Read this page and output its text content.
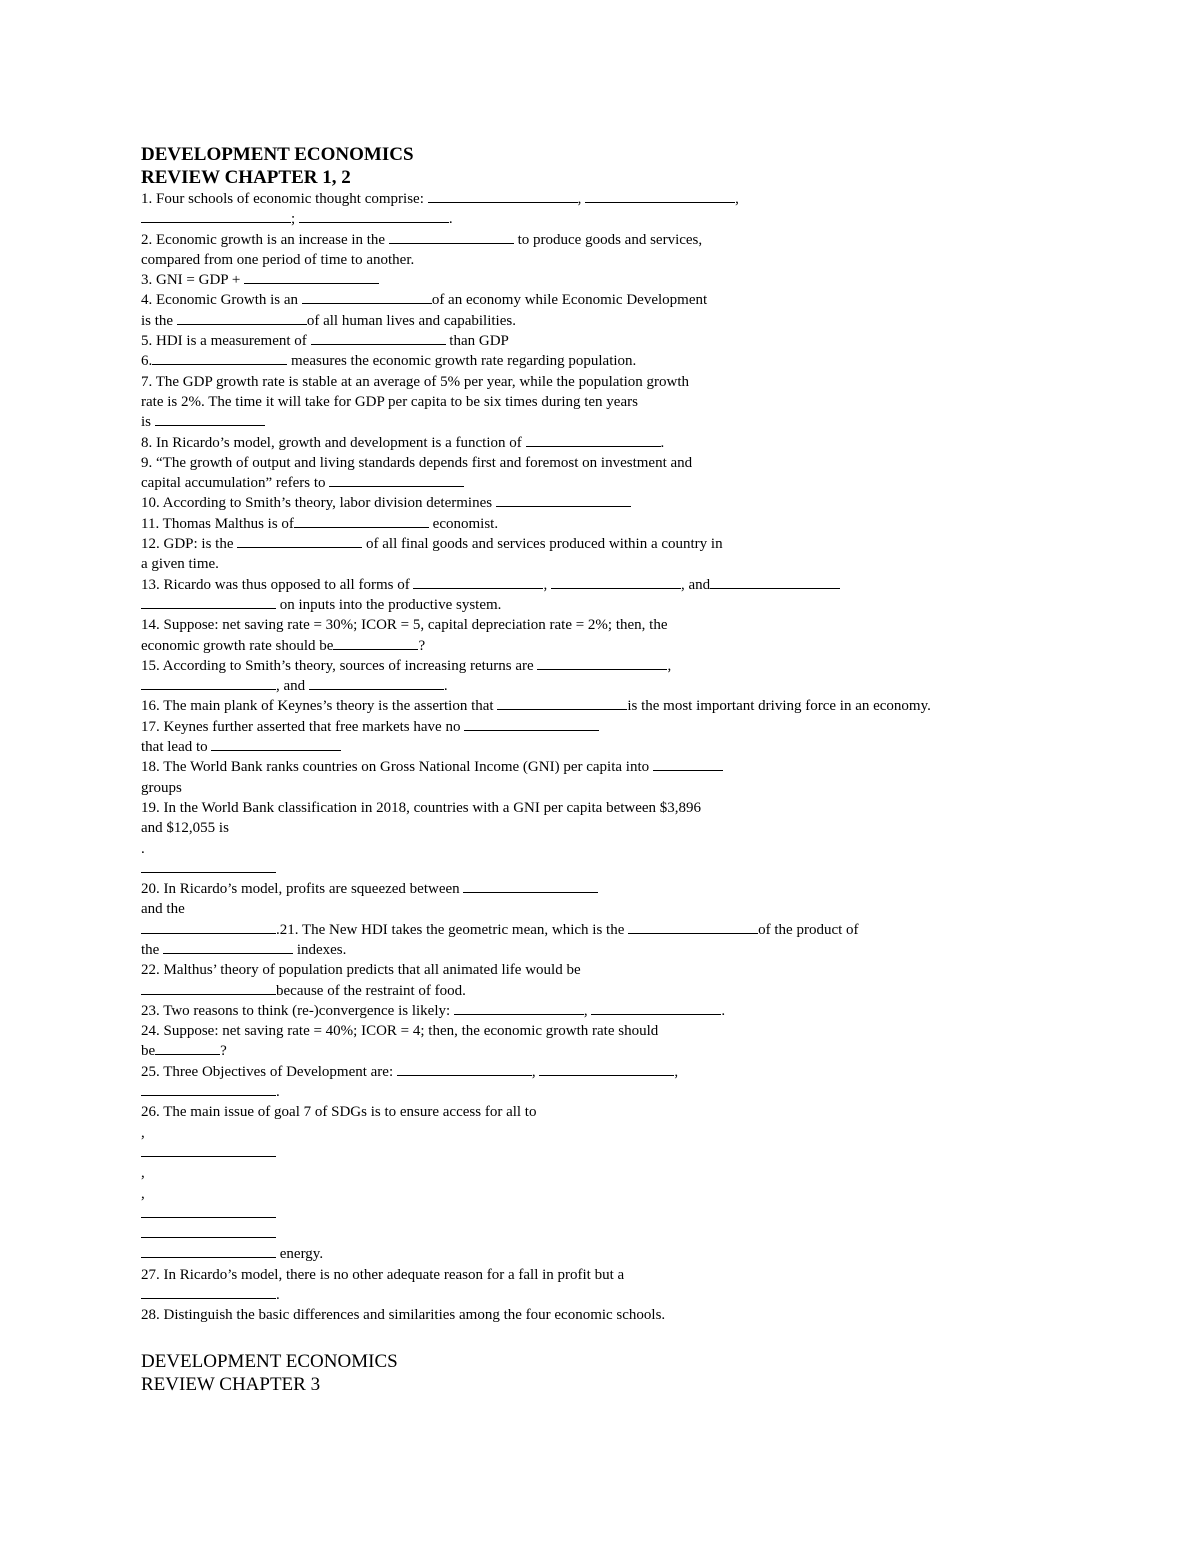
DEVELOPMENT ECONOMICS

REVIEW CHAPTER 1, 2

1. Four schools of economic thought comprise:	,	,

;	.

2. Economic growth is an increase in the	to produce goods and services,

compared from one period of time to another.

3. GNI = GDP +

4. Economic Growth is an	of an economy while Economic Development

is the	of all human lives and capabilities.

5. HDI is a measurement of	than GDP

6.	measures the economic growth rate regarding population.

7. The GDP growth rate is stable at an average of 5% per year, while the population growth

rate is 2%. The time it will take for GDP per capita to be six times during ten years

is

8. In Ricardo’s model, growth and development is a function of	.

9. “The growth of output and living standards depends first and foremost on investment and

capital accumulation” refers to

10. According to Smith’s theory, labor division determines

11. Thomas Malthus is of	economist.

12. GDP: is the	of all final goods and services produced within a country in

a given time.

13. Ricardo was thus opposed to all forms of	,	, and

on inputs into the productive system.

14. Suppose: net saving rate = 30%; ICOR = 5, capital depreciation rate = 2%; then, the

economic growth rate should be	?

15. According to Smith’s theory, sources of increasing returns are	,

, and	.

16. The main plank of Keynes’s theory is the assertion that	is the most important driving force in an economy.

17. Keynes further asserted that free markets have no

that lead to

18. The World Bank ranks countries on Gross National Income (GNI) per capita into

groups

19. In the World Bank classification in 2018, countries with a GNI per capita between $3,896

and $12,055 is

.

20. In Ricardo’s model, profits are squeezed between

and the

.21. The New HDI takes the geometric mean, which is the	of the product of

the	indexes.

22. Malthus’ theory of population predicts that all animated life would be

because of the restraint of food.

23. Two reasons to think (re-)convergence is likely:	,	.

24. Suppose: net saving rate = 40%; ICOR = 4; then, the economic growth rate should

be	?

25. Three Objectives of Development are:	,	,

.

26. The main issue of goal 7 of SDGs is to ensure access for all to

,

,

,

energy.

27. In Ricardo’s model, there is no other adequate reason for a fall in profit but a

.

28. Distinguish the basic differences and similarities among the four economic schools.

DEVELOPMENT ECONOMICS

REVIEW CHAPTER 3
